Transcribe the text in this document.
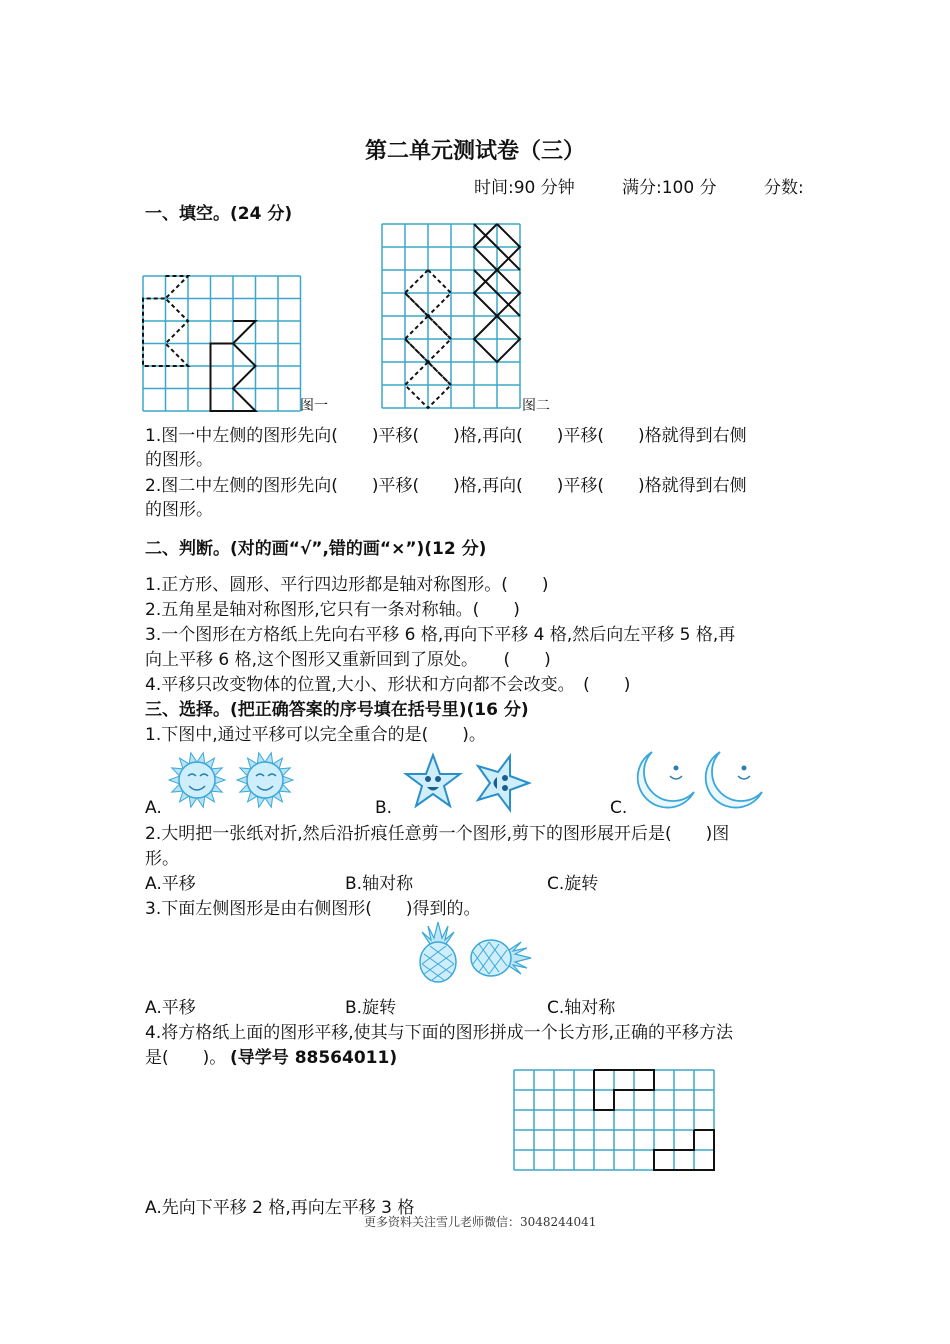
第二单元测试卷（三）
时间:90 分钟	满分:100 分	分数:
一、填空。(24 分)
图一	图二
1.图一中左侧的图形先向(　　)平移(　　)格,再向(　　)平移(　　)格就得到右侧
的图形。
2.图二中左侧的图形先向(　　)平移(　　)格,再向(　　)平移(　　)格就得到右侧
的图形。
二、判断。(对的画“√”,错的画“×”)(12 分)
1.正方形、圆形、平行四边形都是轴对称图形。(　　)
2.五角星是轴对称图形,它只有一条对称轴。(　　)
3.一个图形在方格纸上先向右平移 6 格,再向下平移 4 格,然后向左平移 5 格,再
向上平移 6 格,这个图形又重新回到了原处。　　(　　)
4.平移只改变物体的位置,大小、形状和方向都不会改变。　(　　)
三、选择。(把正确答案的序号填在括号里)(16 分)
1.下图中,通过平移可以完全重合的是(　　)。
A.	B.	C.
2.大明把一张纸对折,然后沿折痕任意剪一个图形,剪下的图形展开后是(　　)图
形。
A.平移	B.轴对称	C.旋转
3.下面左侧图形是由右侧图形(　　)得到的。
A.平移	B.旋转	C.轴对称
4.将方格纸上面的图形平移,使其与下面的图形拼成一个长方形,正确的平移方法
是(　　)。 (导学号 88564011)
A.先向下平移 2 格,再向左平移 3 格
更多资料关注雪儿老师微信：3048244041
